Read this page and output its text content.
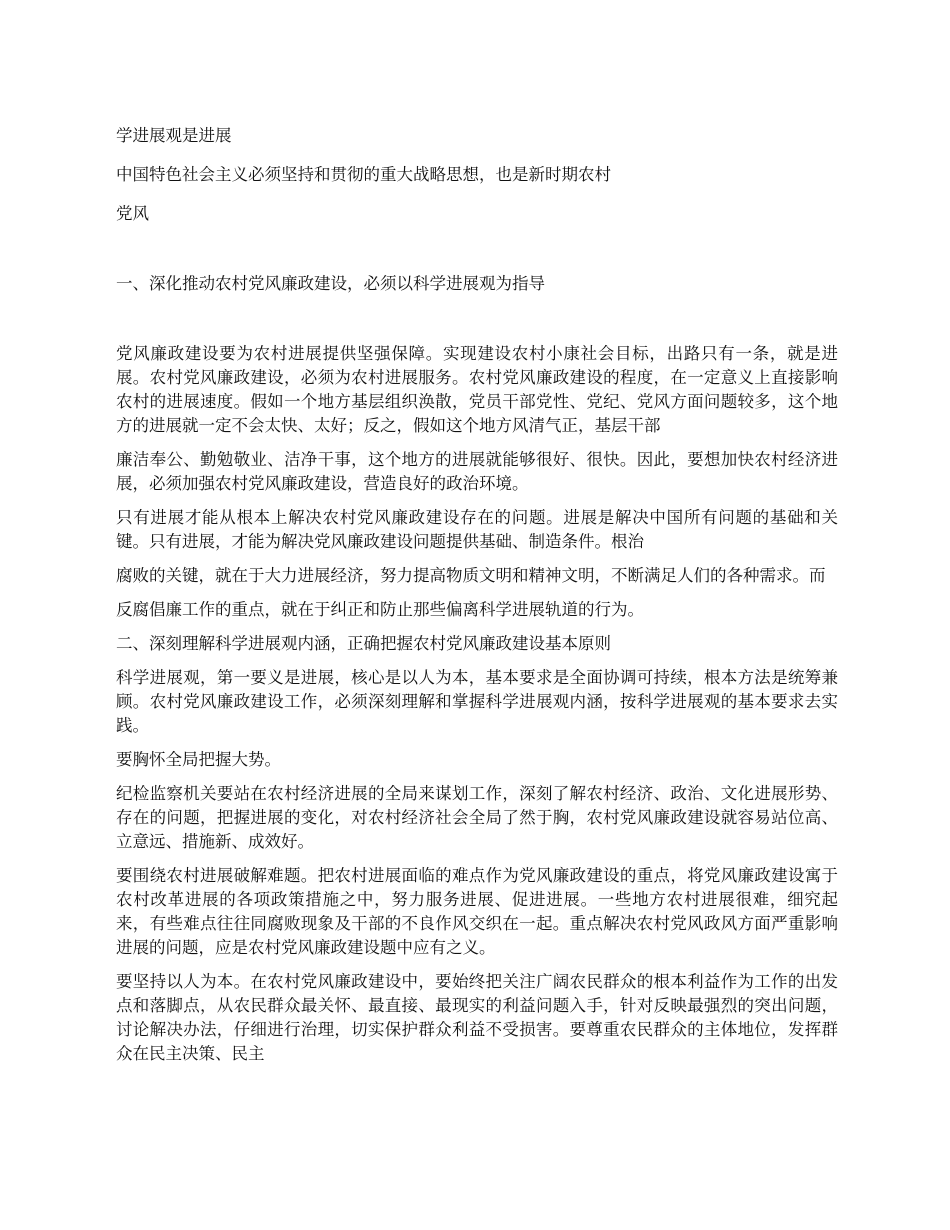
学进展观是进展

中国特色社会主义必须坚持和贯彻的重大战略思想，也是新时期农村

党风

一、深化推动农村党风廉政建设，必须以科学进展观为指导

党风廉政建设要为农村进展提供坚强保障。实现建设农村小康社会目标，出路只有一条，就是进展。农村党风廉政建设，必须为农村进展服务。农村党风廉政建设的程度，在一定意义上直接影响农村的进展速度。假如一个地方基层组织涣散，党员干部党性、党纪、党风方面问题较多，这个地方的进展就一定不会太快、太好；反之，假如这个地方风清气正，基层干部

廉洁奉公、勤勉敬业、洁净干事，这个地方的进展就能够很好、很快。因此，要想加快农村经济进展，必须加强农村党风廉政建设，营造良好的政治环境。

只有进展才能从根本上解决农村党风廉政建设存在的问题。进展是解决中国所有问题的基础和关键。只有进展，才能为解决党风廉政建设问题提供基础、制造条件。根治

腐败的关键，就在于大力进展经济，努力提高物质文明和精神文明，不断满足人们的各种需求。而

反腐倡廉工作的重点，就在于纠正和防止那些偏离科学进展轨道的行为。

二、深刻理解科学进展观内涵，正确把握农村党风廉政建设基本原则

科学进展观，第一要义是进展，核心是以人为本，基本要求是全面协调可持续，根本方法是统筹兼顾。农村党风廉政建设工作，必须深刻理解和掌握科学进展观内涵，按科学进展观的基本要求去实践。

要胸怀全局把握大势。

纪检监察机关要站在农村经济进展的全局来谋划工作，深刻了解农村经济、政治、文化进展形势、存在的问题，把握进展的变化，对农村经济社会全局了然于胸，农村党风廉政建设就容易站位高、立意远、措施新、成效好。

要围绕农村进展破解难题。把农村进展面临的难点作为党风廉政建设的重点，将党风廉政建设寓于农村改革进展的各项政策措施之中，努力服务进展、促进进展。一些地方农村进展很难，细究起来，有些难点往往同腐败现象及干部的不良作风交织在一起。重点解决农村党风政风方面严重影响进展的问题，应是农村党风廉政建设题中应有之义。

要坚持以人为本。在农村党风廉政建设中，要始终把关注广阔农民群众的根本利益作为工作的出发点和落脚点，从农民群众最关怀、最直接、最现实的利益问题入手，针对反映最强烈的突出问题，讨论解决办法，仔细进行治理，切实保护群众利益不受损害。要尊重农民群众的主体地位，发挥群众在民主决策、民主
